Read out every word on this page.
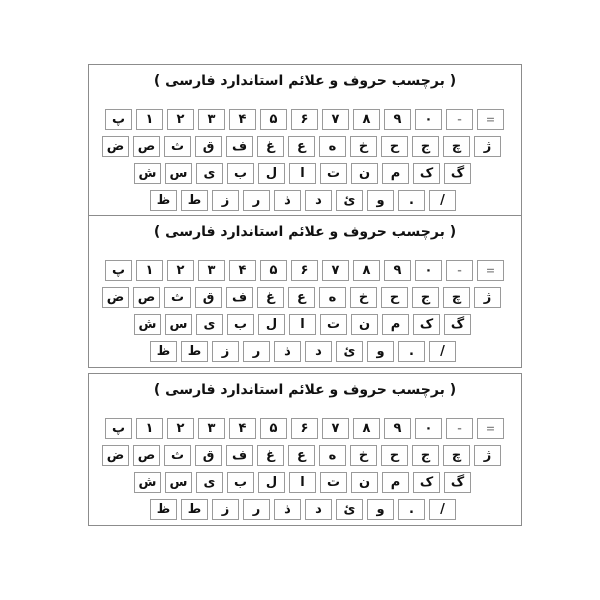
( برچسب حروف و علائم استاندارد فارسی )
پ	۱	۲	۳	۴	۵	۶	۷	۸	۹	۰	-	=
ض	ص	ث	ق	ف	غ	ع	ه	خ	ح	ج	چ	ژ
ش	س	ی	ب	ل	ا	ت	ن	م	ک	گ
ظ	ط	ز	ر	ذ	د	ئ	و	.	/
( برچسب حروف و علائم استاندارد فارسی )
پ	۱	۲	۳	۴	۵	۶	۷	۸	۹	۰	-	=
ض	ص	ث	ق	ف	غ	ع	ه	خ	ح	ج	چ	ژ
ش	س	ی	ب	ل	ا	ت	ن	م	ک	گ
ظ	ط	ز	ر	ذ	د	ئ	و	.	/
( برچسب حروف و علائم استاندارد فارسی )
پ	۱	۲	۳	۴	۵	۶	۷	۸	۹	۰	-	=
ض	ص	ث	ق	ف	غ	ع	ه	خ	ح	ج	چ	ژ
ش	س	ی	ب	ل	ا	ت	ن	م	ک	گ
ظ	ط	ز	ر	ذ	د	ئ	و	.	/
